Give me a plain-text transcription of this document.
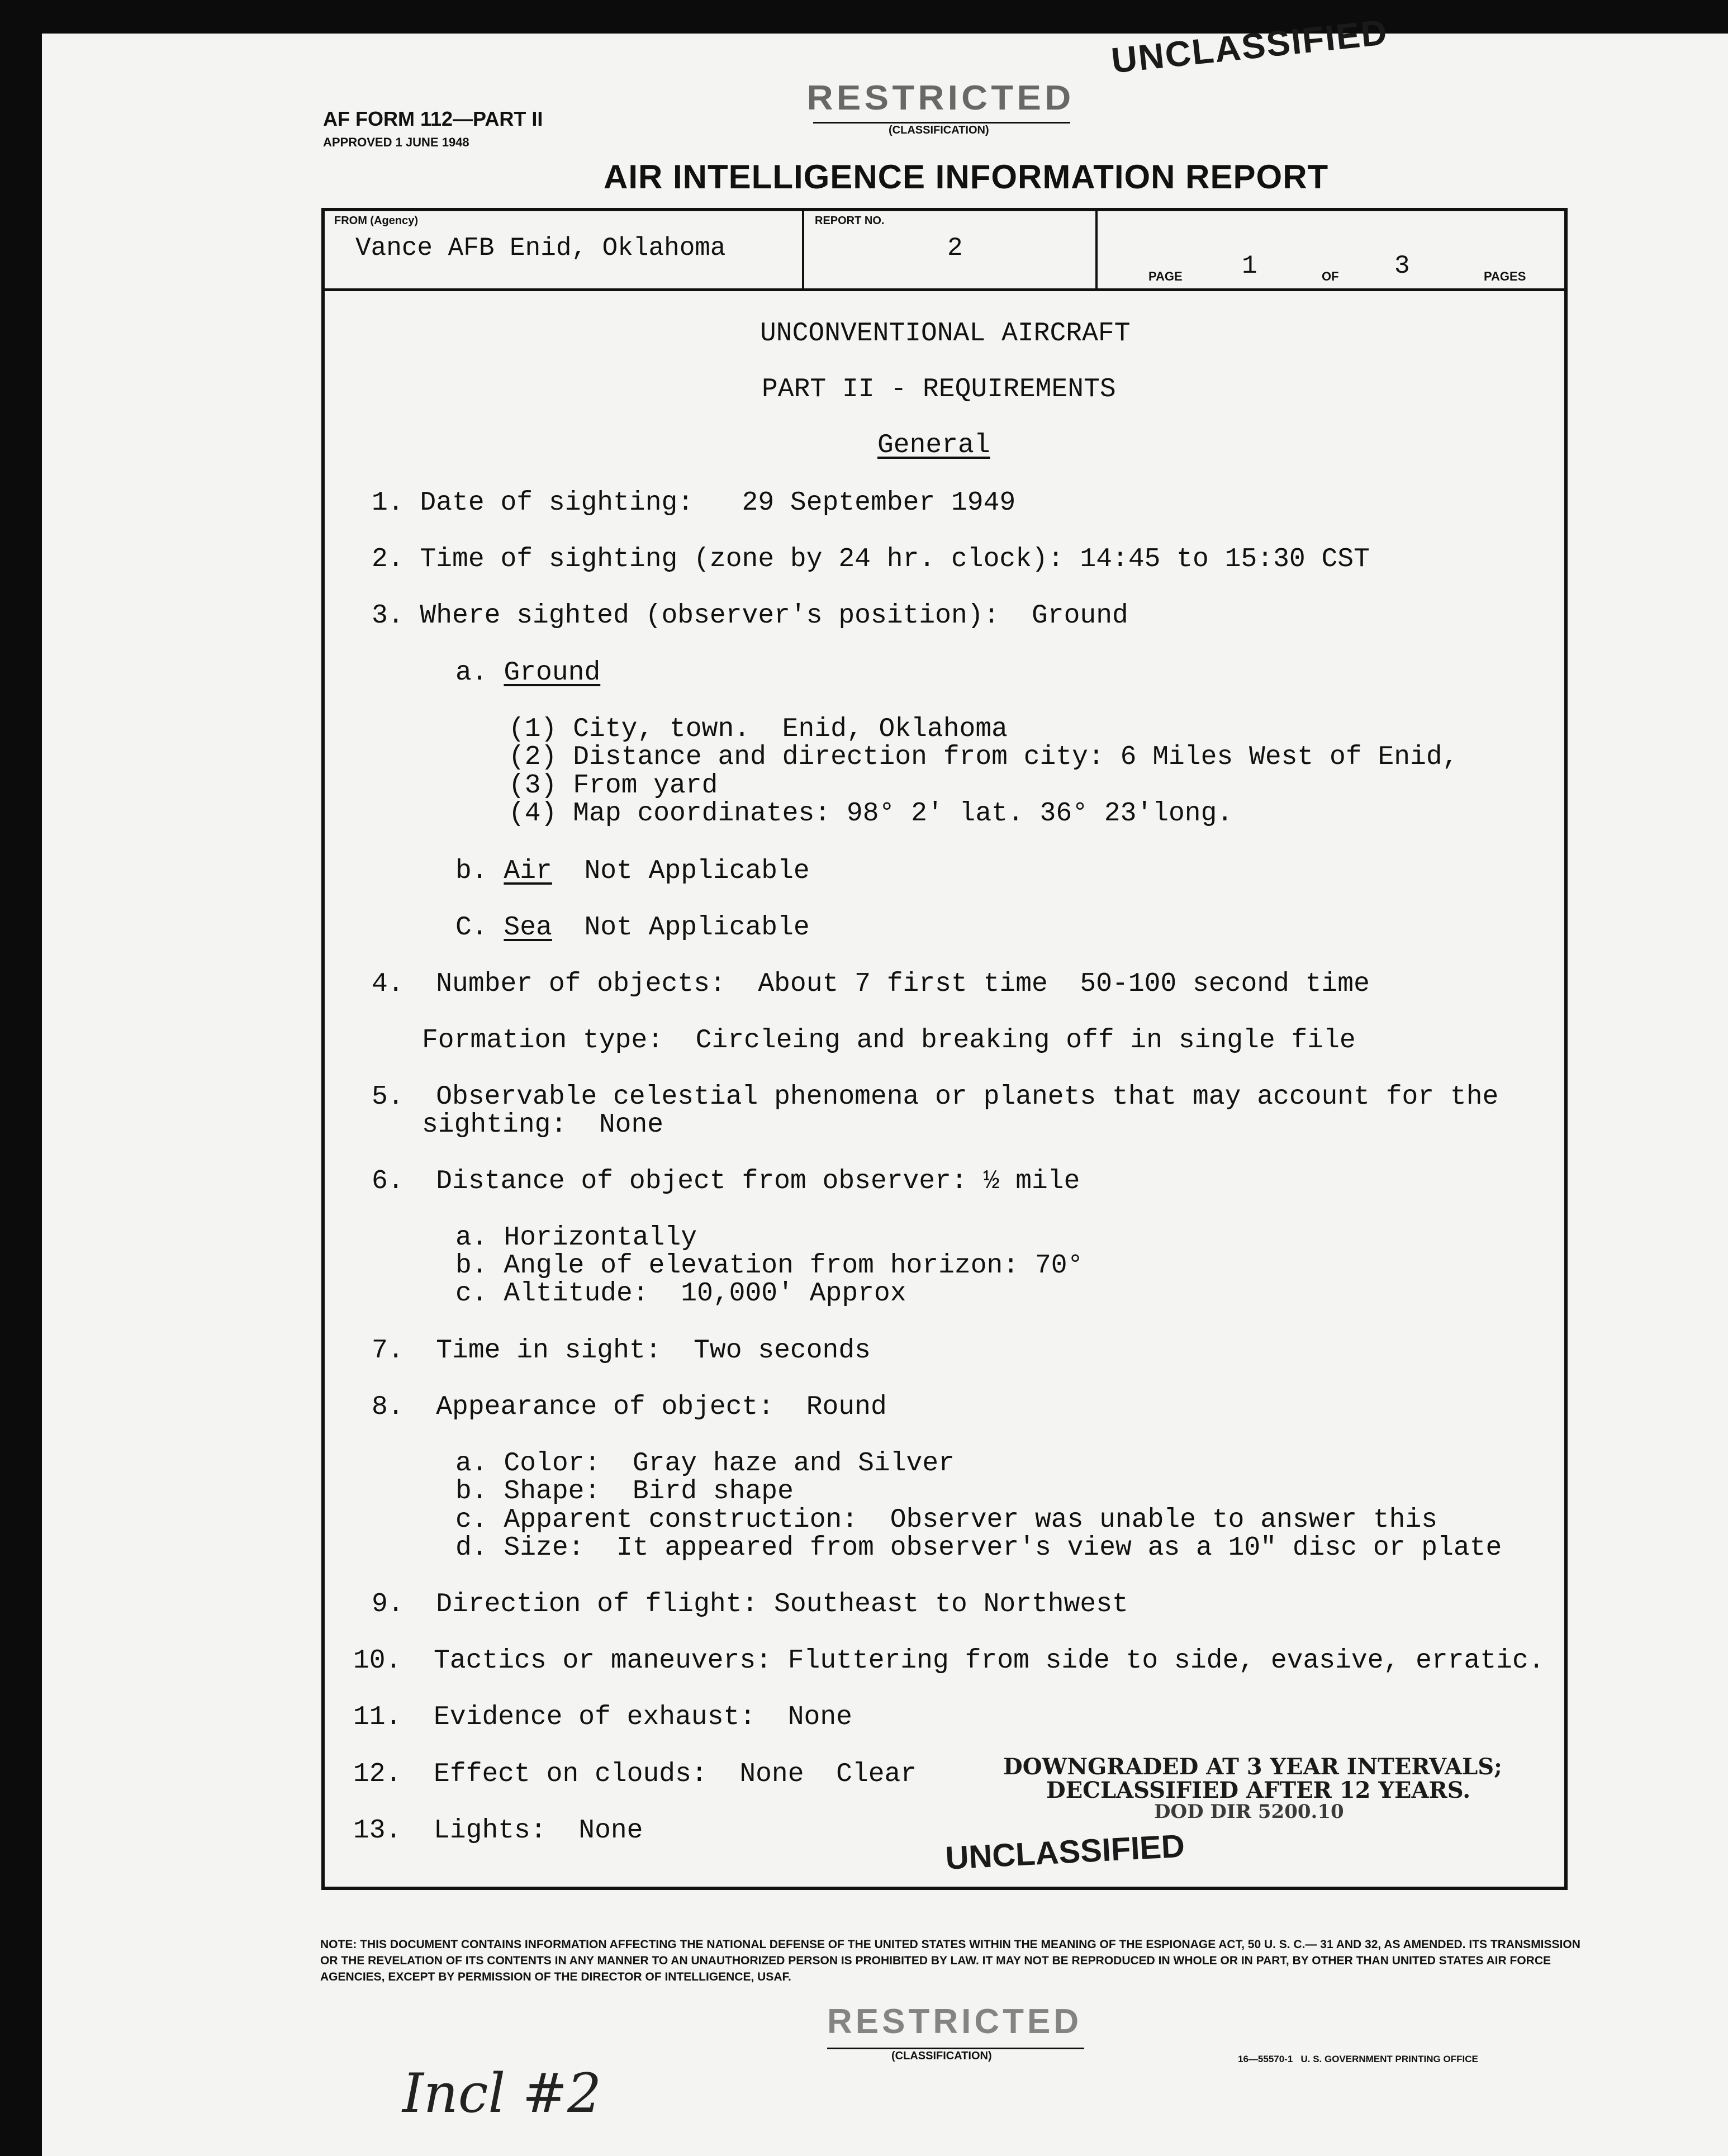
AF FORM 112—PART II
APPROVED 1 JUNE 1948
RESTRICTED
(CLASSIFICATION)
UNCLASSIFIED
AIR INTELLIGENCE INFORMATION REPORT
FROM (Agency)
Vance AFB Enid, Oklahoma
REPORT NO.
2
PAGE 1	OF 3	PAGES
UNCONVENTIONAL AIRCRAFT
PART II - REQUIREMENTS
General
1. Date of sighting:   29 September 1949
2. Time of sighting (zone by 24 hr. clock): 14:45 to 15:30 CST
3. Where sighted (observer's position):  Ground
a. Ground
(1) City, town.  Enid, Oklahoma
(2) Distance and direction from city: 6 Miles West of Enid,
(3) From yard
(4) Map coordinates: 98° 2' lat. 36° 23'long.
b. Air Not Applicable
C. Sea Not Applicable
4.  Number of objects:  About 7 first time  50-100 second time
Formation type:  Circleing and breaking off in single file
5.  Observable celestial phenomena or planets that may account for the
sighting:  None
6.  Distance of object from observer: ½ mile
a. Horizontally
b. Angle of elevation from horizon: 70°
c. Altitude:  10,000' Approx
7.  Time in sight:  Two seconds
8.  Appearance of object:  Round
a. Color:  Gray haze and Silver
b. Shape:  Bird shape
c. Apparent construction:  Observer was unable to answer this
d. Size:  It appeared from observer's view as a 10" disc or plate
9.  Direction of flight: Southeast to Northwest
10.  Tactics or maneuvers: Fluttering from side to side, evasive, erratic.
11.  Evidence of exhaust:  None
12.  Effect on clouds:  None  Clear
13.  Lights:  None
DOWNGRADED AT 3 YEAR INTERVALS;
DECLASSIFIED AFTER 12 YEARS.
DOD DIR 5200.10
UNCLASSIFIED
NOTE: THIS DOCUMENT CONTAINS INFORMATION AFFECTING THE NATIONAL DEFENSE OF THE UNITED STATES WITHIN THE MEANING OF THE ESPIONAGE ACT, 50 U. S. C.— 31 AND 32, AS AMENDED. ITS TRANSMISSION OR THE REVELATION OF ITS CONTENTS IN ANY MANNER TO AN UNAUTHORIZED PERSON IS PROHIBITED BY LAW. IT MAY NOT BE REPRODUCED IN WHOLE OR IN PART, BY OTHER THAN UNITED STATES AIR FORCE AGENCIES, EXCEPT BY PERMISSION OF THE DIRECTOR OF INTELLIGENCE, USAF.
RESTRICTED
(CLASSIFICATION)	16—55570-1   U. S. GOVERNMENT PRINTING OFFICE
Incl #2
